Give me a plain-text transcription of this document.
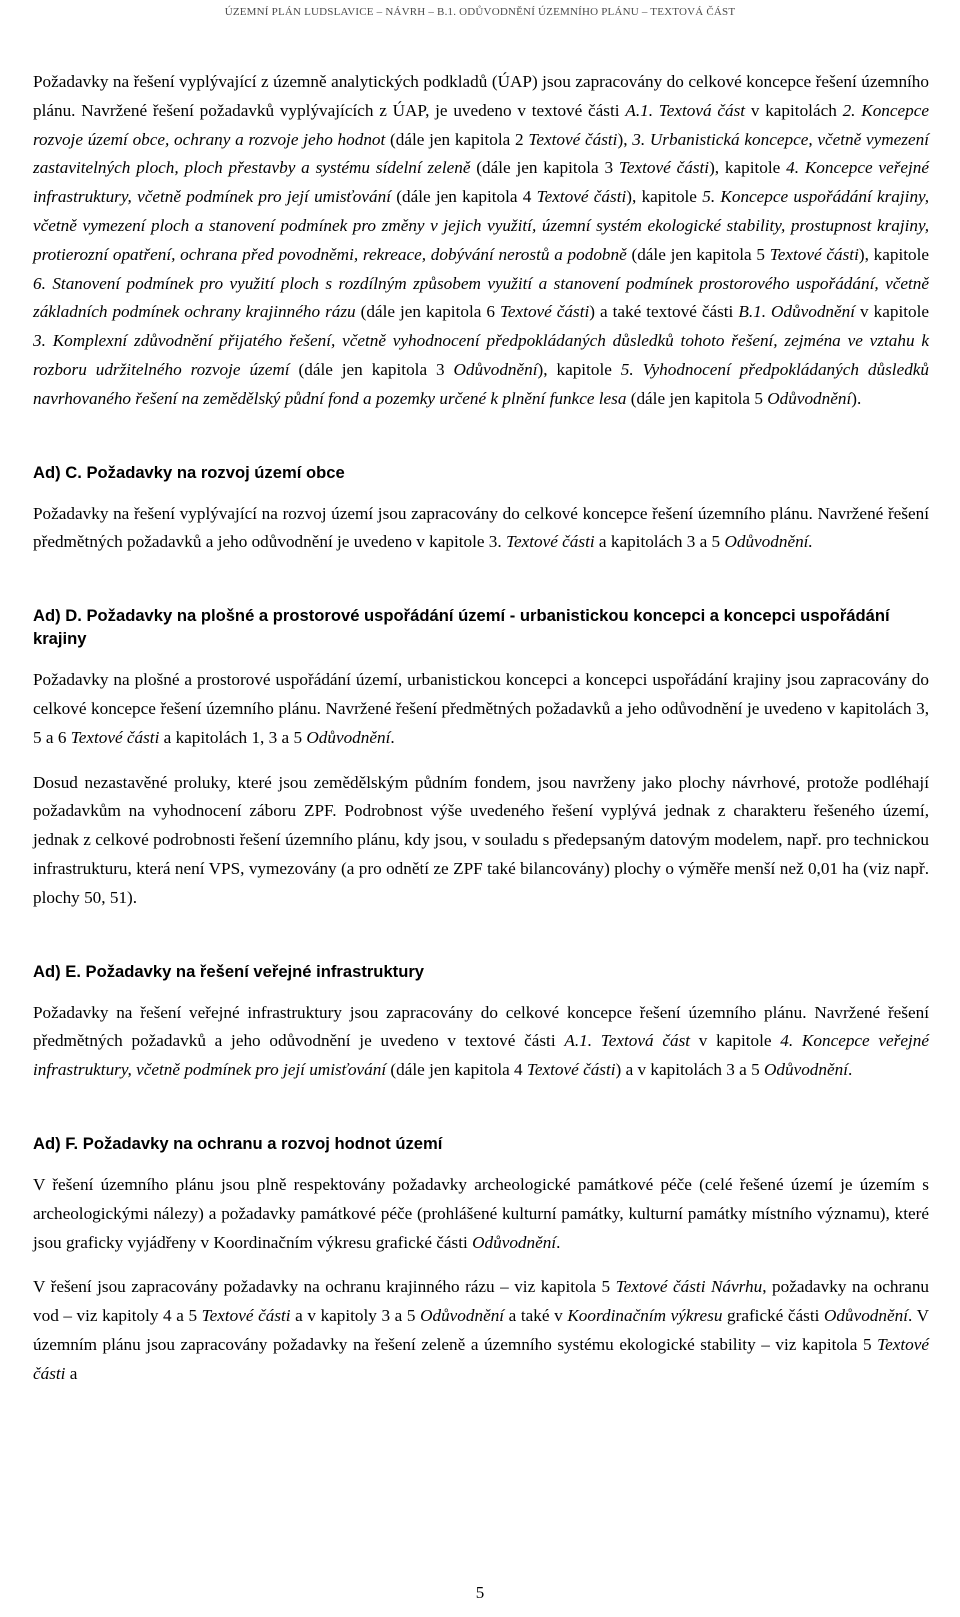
ÚZEMNÍ PLÁN LUDSLAVICE – NÁVRH – B.1. ODŮVODNĚNÍ ÚZEMNÍHO PLÁNU – TEXTOVÁ ČÁST

Požadavky na řešení vyplývající z územně analytických podkladů (ÚAP) jsou zapracovány do celkové koncepce řešení územního plánu. Navržené řešení požadavků vyplývajících z ÚAP, je uvedeno v textové části A.1. Textová část v kapitolách 2. Koncepce rozvoje území obce, ochrany a rozvoje jeho hodnot (dále jen kapitola 2 Textové části), 3. Urbanistická koncepce, včetně vymezení zastavitelných ploch, ploch přestavby a systému sídelní zeleně (dále jen kapitola 3 Textové části), kapitole 4. Koncepce veřejné infrastruktury, včetně podmínek pro její umisťování (dále jen kapitola 4 Textové části), kapitole 5. Koncepce uspořádání krajiny, včetně vymezení ploch a stanovení podmínek pro změny v jejich využití, územní systém ekologické stability, prostupnost krajiny, protierozní opatření, ochrana před povodněmi, rekreace, dobývání nerostů a podobně (dále jen kapitola 5 Textové části), kapitole 6. Stanovení podmínek pro využití ploch s rozdílným způsobem využití a stanovení podmínek prostorového uspořádání, včetně základních podmínek ochrany krajinného rázu (dále jen kapitola 6 Textové části) a také textové části B.1. Odůvodnění v kapitole 3. Komplexní zdůvodnění přijatého řešení, včetně vyhodnocení předpokládaných důsledků tohoto řešení, zejména ve vztahu k rozboru udržitelného rozvoje území (dále jen kapitola 3 Odůvodnění), kapitole 5. Vyhodnocení předpokládaných důsledků navrhovaného řešení na zemědělský půdní fond a pozemky určené k plnění funkce lesa (dále jen kapitola 5 Odůvodnění).

Ad) C. Požadavky na rozvoj území obce

Požadavky na řešení vyplývající na rozvoj území jsou zapracovány do celkové koncepce řešení územního plánu. Navržené řešení předmětných požadavků a jeho odůvodnění je uvedeno v kapitole 3. Textové části a kapitolách 3 a 5 Odůvodnění.

Ad) D. Požadavky na plošné a prostorové uspořádání území - urbanistickou koncepci a koncepci uspořádání krajiny

Požadavky na plošné a prostorové uspořádání území, urbanistickou koncepci a koncepci uspořádání krajiny jsou zapracovány do celkové koncepce řešení územního plánu. Navržené řešení předmětných požadavků a jeho odůvodnění je uvedeno v kapitolách 3, 5 a 6 Textové části a kapitolách 1, 3 a 5 Odůvodnění.

Dosud nezastavěné proluky, které jsou zemědělským půdním fondem, jsou navrženy jako plochy návrhové, protože podléhají požadavkům na vyhodnocení záboru ZPF. Podrobnost výše uvedeného řešení vyplývá jednak z charakteru řešeného území, jednak z celkové podrobnosti řešení územního plánu, kdy jsou, v souladu s předepsaným datovým modelem, např. pro technickou infrastrukturu, která není VPS, vymezovány (a pro odnětí ze ZPF také bilancovány) plochy o výměře menší než 0,01 ha (viz např. plochy 50, 51).

Ad) E. Požadavky na řešení veřejné infrastruktury

Požadavky na řešení veřejné infrastruktury jsou zapracovány do celkové koncepce řešení územního plánu. Navržené řešení předmětných požadavků a jeho odůvodnění je uvedeno v textové části A.1. Textová část v kapitole 4. Koncepce veřejné infrastruktury, včetně podmínek pro její umisťování (dále jen kapitola 4 Textové části) a v kapitolách 3 a 5 Odůvodnění.

Ad) F. Požadavky na ochranu a rozvoj hodnot území

V řešení územního plánu jsou plně respektovány požadavky archeologické památkové péče (celé řešené území je územím s archeologickými nálezy) a požadavky památkové péče (prohlášené kulturní památky, kulturní památky místního významu), které jsou graficky vyjádřeny v Koordinačním výkresu grafické části Odůvodnění.

V řešení jsou zapracovány požadavky na ochranu krajinného rázu – viz kapitola 5 Textové části Návrhu, požadavky na ochranu vod – viz kapitoly 4 a 5 Textové části a v kapitoly 3 a 5 Odůvodnění a také v Koordinačním výkresu grafické části Odůvodnění. V územním plánu jsou zapracovány požadavky na řešení zeleně a územního systému ekologické stability – viz kapitola 5 Textové části a

5
